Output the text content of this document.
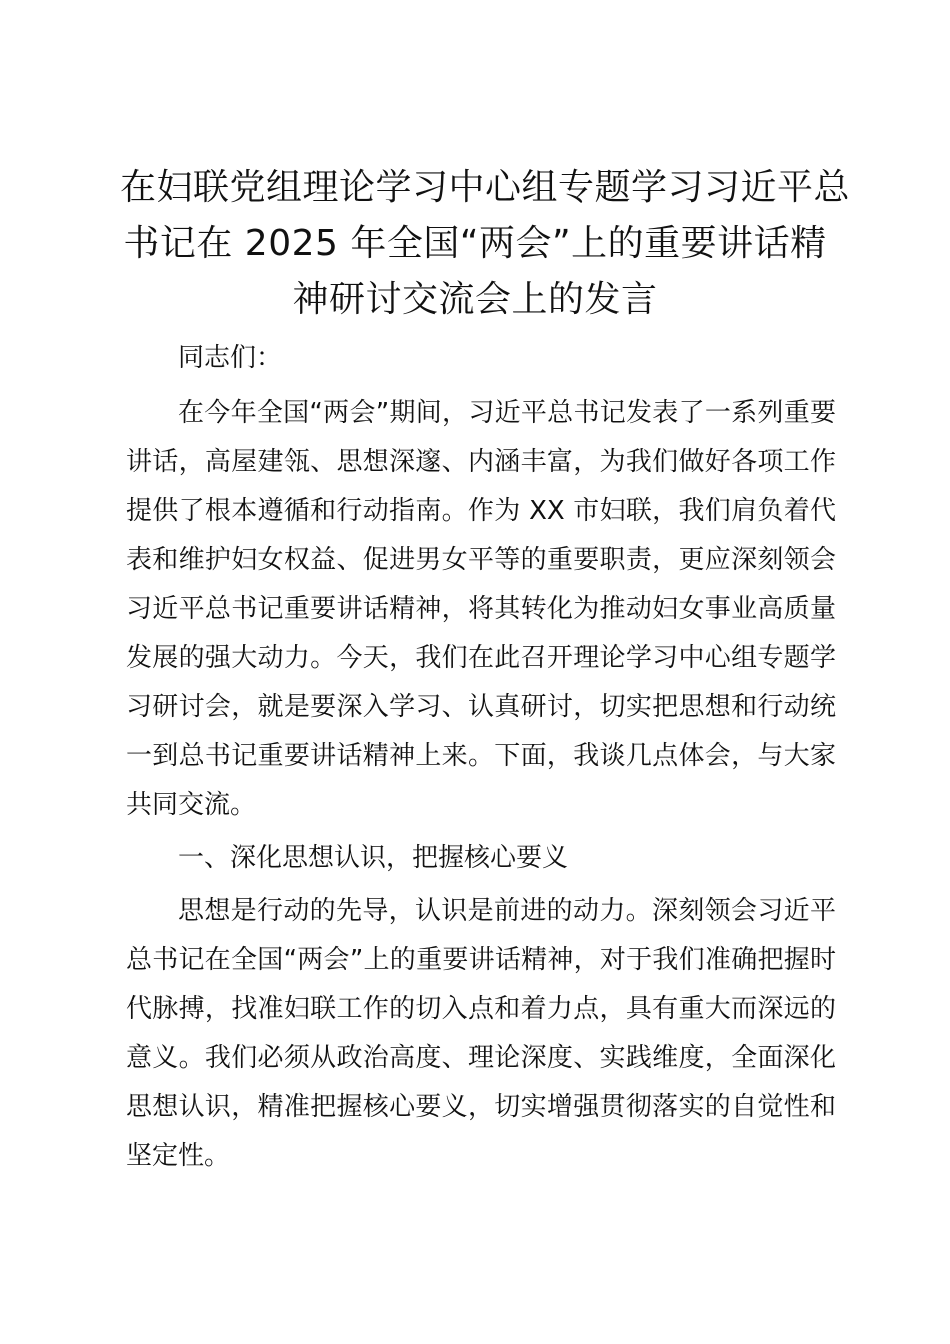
在妇联党组理论学习中心组专题学习习近平总
书记在 2025 年全国“两会”上的重要讲话精
神研讨交流会上的发言

同志们：

在今年全国“两会”期间，习近平总书记发表了一系列重要讲话，高屋建瓴、思想深邃、内涵丰富，为我们做好各项工作提供了根本遵循和行动指南。作为 XX 市妇联，我们肩负着代表和维护妇女权益、促进男女平等的重要职责，更应深刻领会习近平总书记重要讲话精神，将其转化为推动妇女事业高质量发展的强大动力。今天，我们在此召开理论学习中心组专题学习研讨会，就是要深入学习、认真研讨，切实把思想和行动统一到总书记重要讲话精神上来。下面，我谈几点体会，与大家共同交流。

一、深化思想认识，把握核心要义

思想是行动的先导，认识是前进的动力。深刻领会习近平总书记在全国“两会”上的重要讲话精神，对于我们准确把握时代脉搏，找准妇联工作的切入点和着力点，具有重大而深远的意义。我们必须从政治高度、理论深度、实践维度，全面深化思想认识，精准把握核心要义，切实增强贯彻落实的自觉性和坚定性。
